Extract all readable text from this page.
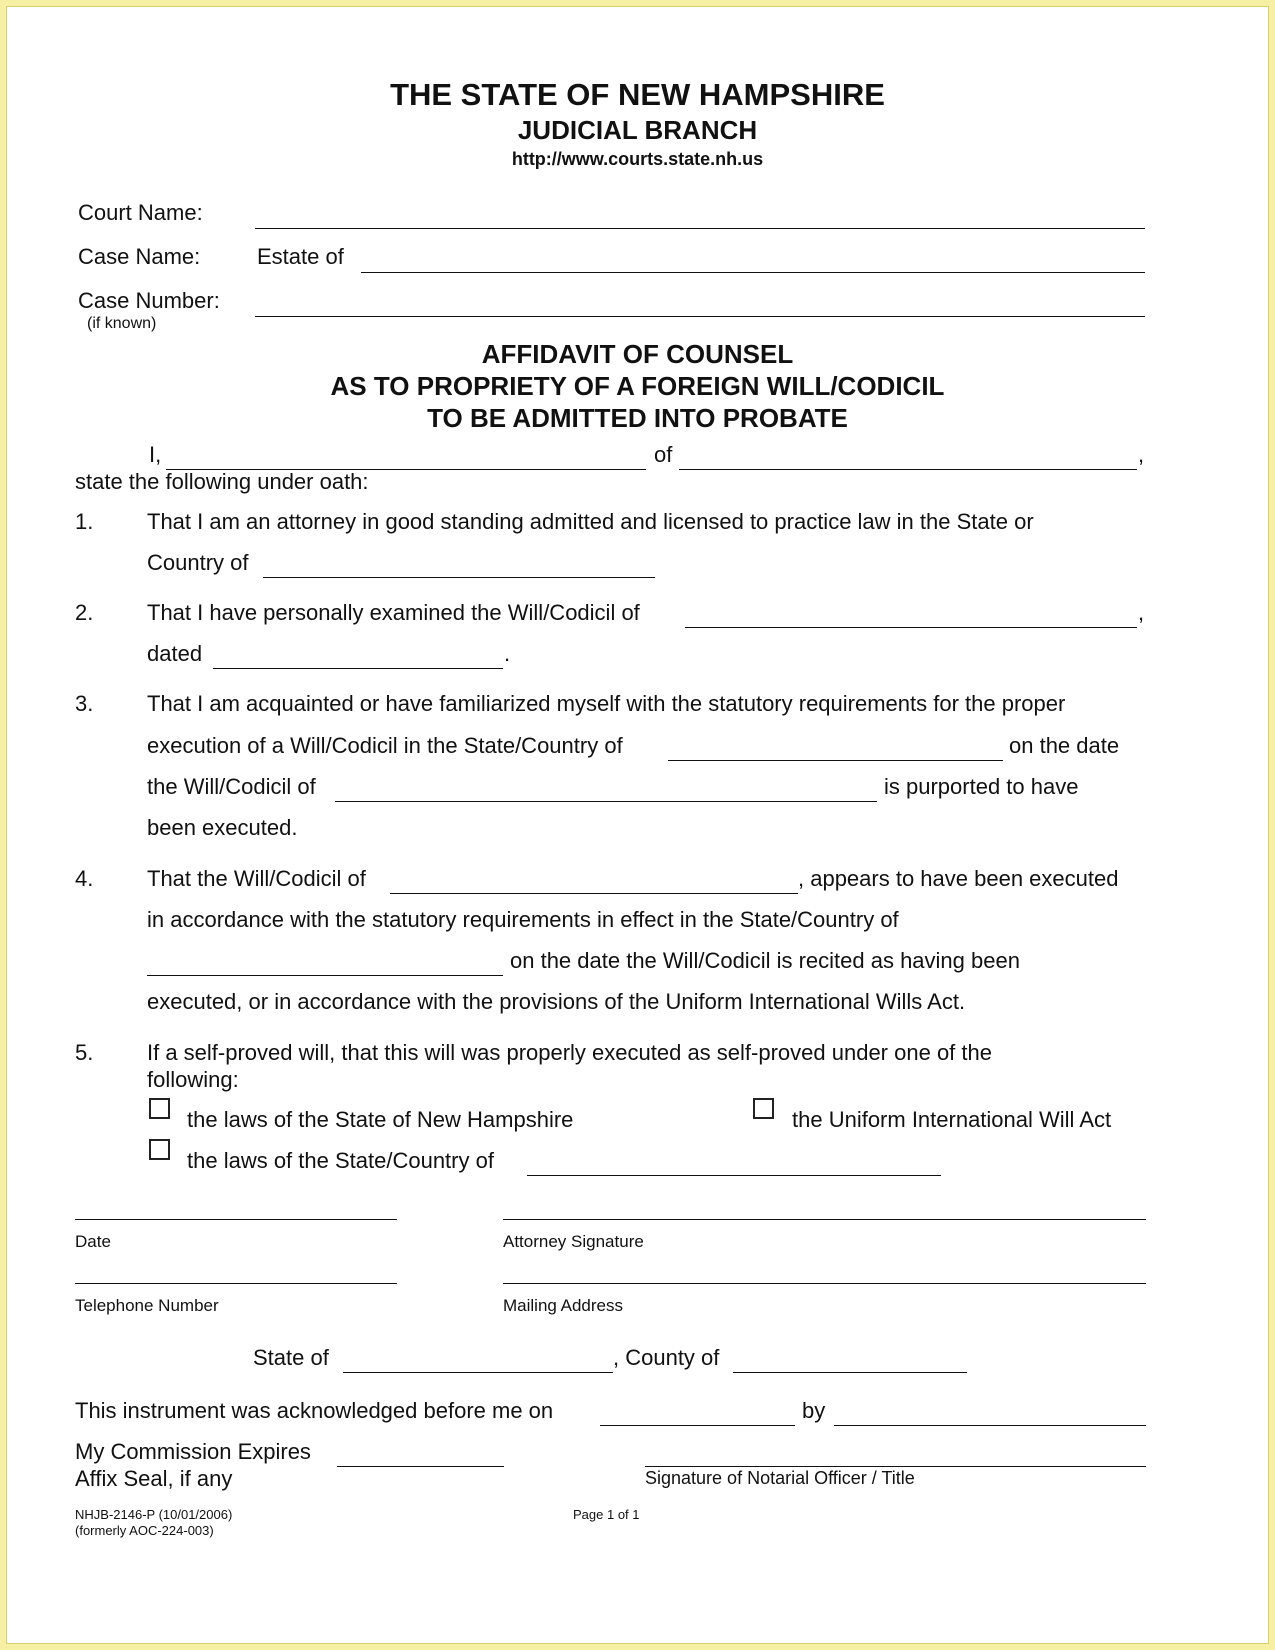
THE STATE OF NEW HAMPSHIRE
JUDICIAL BRANCH
http://www.courts.state.nh.us
Court Name:
Case Name:	Estate of
Case Number:
(if known)
AFFIDAVIT OF COUNSEL
AS TO PROPRIETY OF A FOREIGN WILL/CODICIL
TO BE ADMITTED INTO PROBATE
I,	of	,
state the following under oath:
1. That I am an attorney in good standing admitted and licensed to practice law in the State or
Country of
2. That I have personally examined the Will/Codicil of	,
dated	.
3. That I am acquainted or have familiarized myself with the statutory requirements for the proper
execution of a Will/Codicil in the State/Country of	on the date
the Will/Codicil of	is purported to have
been executed.
4. That the Will/Codicil of	, appears to have been executed
in accordance with the statutory requirements in effect in the State/Country of
on the date the Will/Codicil is recited as having been
executed, or in accordance with the provisions of the Uniform International Wills Act.
5. If a self-proved will, that this will was properly executed as self-proved under one of the
following:
the laws of the State of New Hampshire	the Uniform International Will Act
the laws of the State/Country of
Date	Attorney Signature
Telephone Number	Mailing Address
State of	, County of
This instrument was acknowledged before me on	by
My Commission Expires
Affix Seal, if any	Signature of Notarial Officer / Title
NHJB-2146-P (10/01/2006)
(formerly AOC-224-003)
Page 1 of 1
